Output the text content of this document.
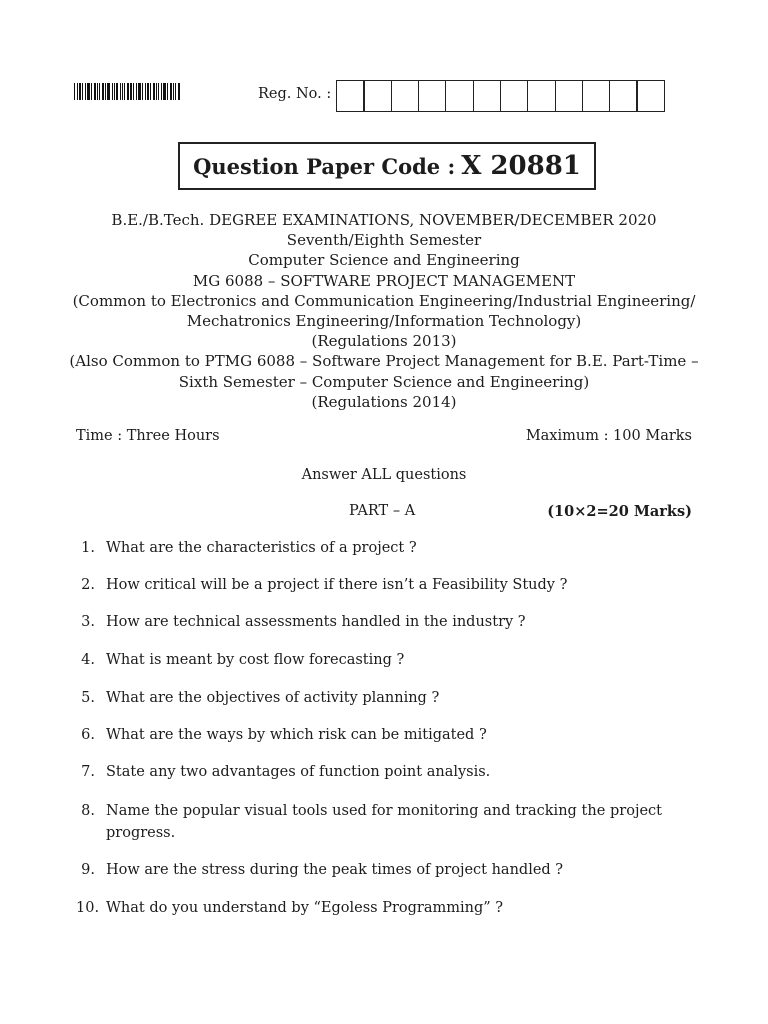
Reg. No. :
Question Paper Code : X 20881
B.E./B.Tech. DEGREE EXAMINATIONS, NOVEMBER/DECEMBER 2020
Seventh/Eighth Semester
Computer Science and Engineering
MG 6088 – SOFTWARE PROJECT MANAGEMENT
(Common to Electronics and Communication Engineering/Industrial Engineering/
Mechatronics Engineering/Information Technology)
(Regulations 2013)
(Also Common to PTMG 6088 – Software Project Management for B.E. Part-Time –
Sixth Semester – Computer Science and Engineering)
(Regulations 2014)
Time : Three Hours	Maximum : 100 Marks
Answer ALL questions
PART – A	(10×2=20 Marks)
1. What are the characteristics of a project ?
2. How critical will be a project if there isn’t a Feasibility Study ?
3. How are technical assessments handled in the industry ?
4. What is meant by cost flow forecasting ?
5. What are the objectives of activity planning ?
6. What are the ways by which risk can be mitigated ?
7. State any two advantages of function point analysis.
8. Name the popular visual tools used for monitoring and tracking the project progress.
9. How are the stress during the peak times of project handled ?
10. What do you understand by “Egoless Programming” ?
